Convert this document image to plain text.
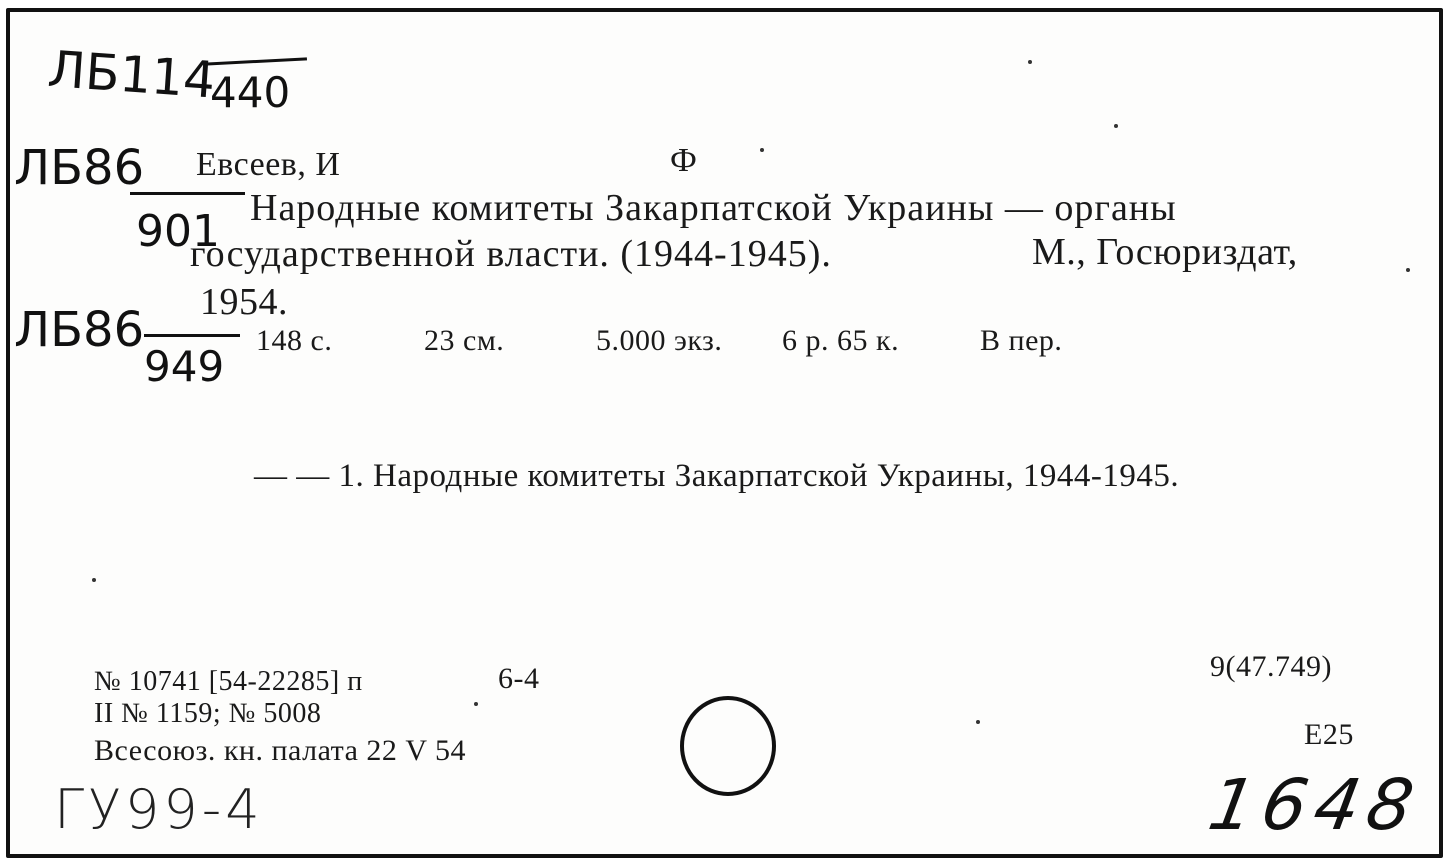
ЛБ114
440
ЛБ86
901
ЛБ86
949
Евсеев, И	Ф
Народные комитеты Закарпатской Украины — органы
государственной власти. (1944-1945).	М., Госюриздат,
1954.
148 с.	23 см.	5.000 экз. 6 р. 65 к.	В пер.
— — 1. Народные комитеты Закарпатской Украины, 1944-1945.
№ 10741 [54-22285] п	6-4
II № 1159; № 5008
Всесоюз. кн. палата 22 V 54
9(47.749)
Е25
ГУ99-4	1648
